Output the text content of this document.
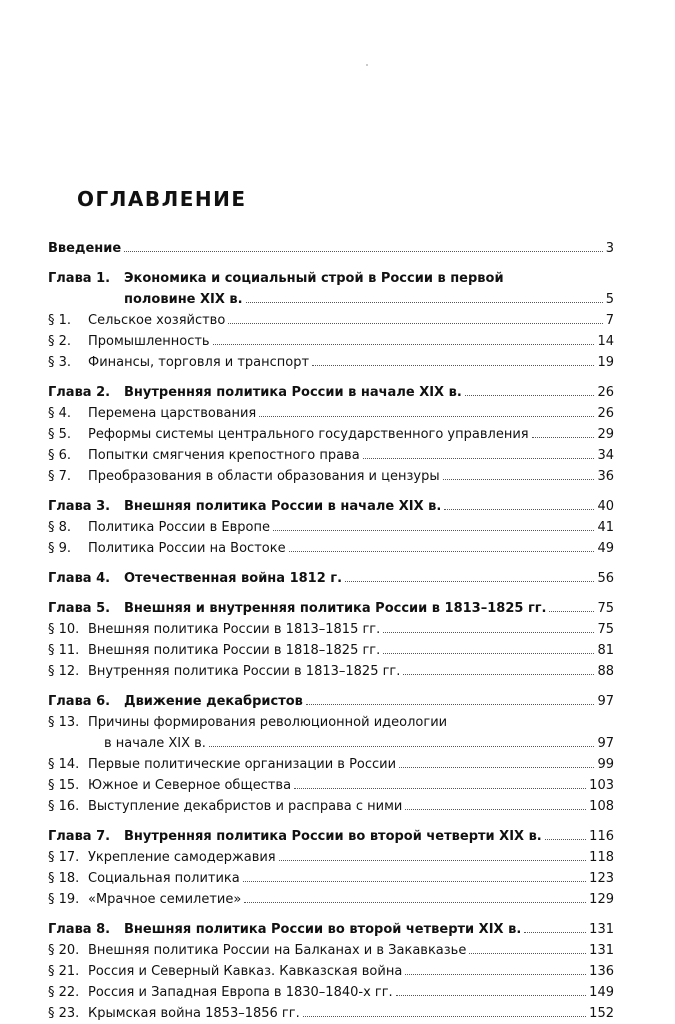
ОГЛАВЛЕНИЕ
Введение	3
Глава 1.	Экономика и социальный строй в России в первой
половине XIX в.	5
§ 1.	Сельское хозяйство	7
§ 2.	Промышленность	14
§ 3.	Финансы, торговля и транспорт	19
Глава 2.	Внутренняя политика России в начале XIX в.	26
§ 4.	Перемена царствования	26
§ 5.	Реформы системы центрального государственного управления	29
§ 6.	Попытки смягчения крепостного права	34
§ 7.	Преобразования в области образования и цензуры	36
Глава 3.	Внешняя политика России в начале XIX в.	40
§ 8.	Политика России в Европе	41
§ 9.	Политика России на Востоке	49
Глава 4.	Отечественная война 1812 г.	56
Глава 5.	Внешняя и внутренняя политика России в 1813–1825 гг.	75
§ 10. Внешняя политика России в 1813–1815 гг.	75
§ 11. Внешняя политика России в 1818–1825 гг.	81
§ 12. Внутренняя политика России в 1813–1825 гг.	88
Глава 6.	Движение декабристов	97
§ 13. Причины формирования революционной идеологии
в начале XIX в.	97
§ 14. Первые политические организации в России	99
§ 15. Южное и Северное общества	103
§ 16. Выступление декабристов и расправа с ними	108
Глава 7.	Внутренняя политика России во второй четверти XIX в.	116
§ 17. Укрепление самодержавия	118
§ 18. Социальная политика	123
§ 19. «Мрачное семилетие»	129
Глава 8.	Внешняя политика России во второй четверти XIX в.	131
§ 20. Внешняя политика России на Балканах и в Закавказье	131
§ 21. Россия и Северный Кавказ. Кавказская война	136
§ 22. Россия и Западная Европа в 1830–1840-х гг.	149
§ 23. Крымская война 1853–1856 гг.	152
